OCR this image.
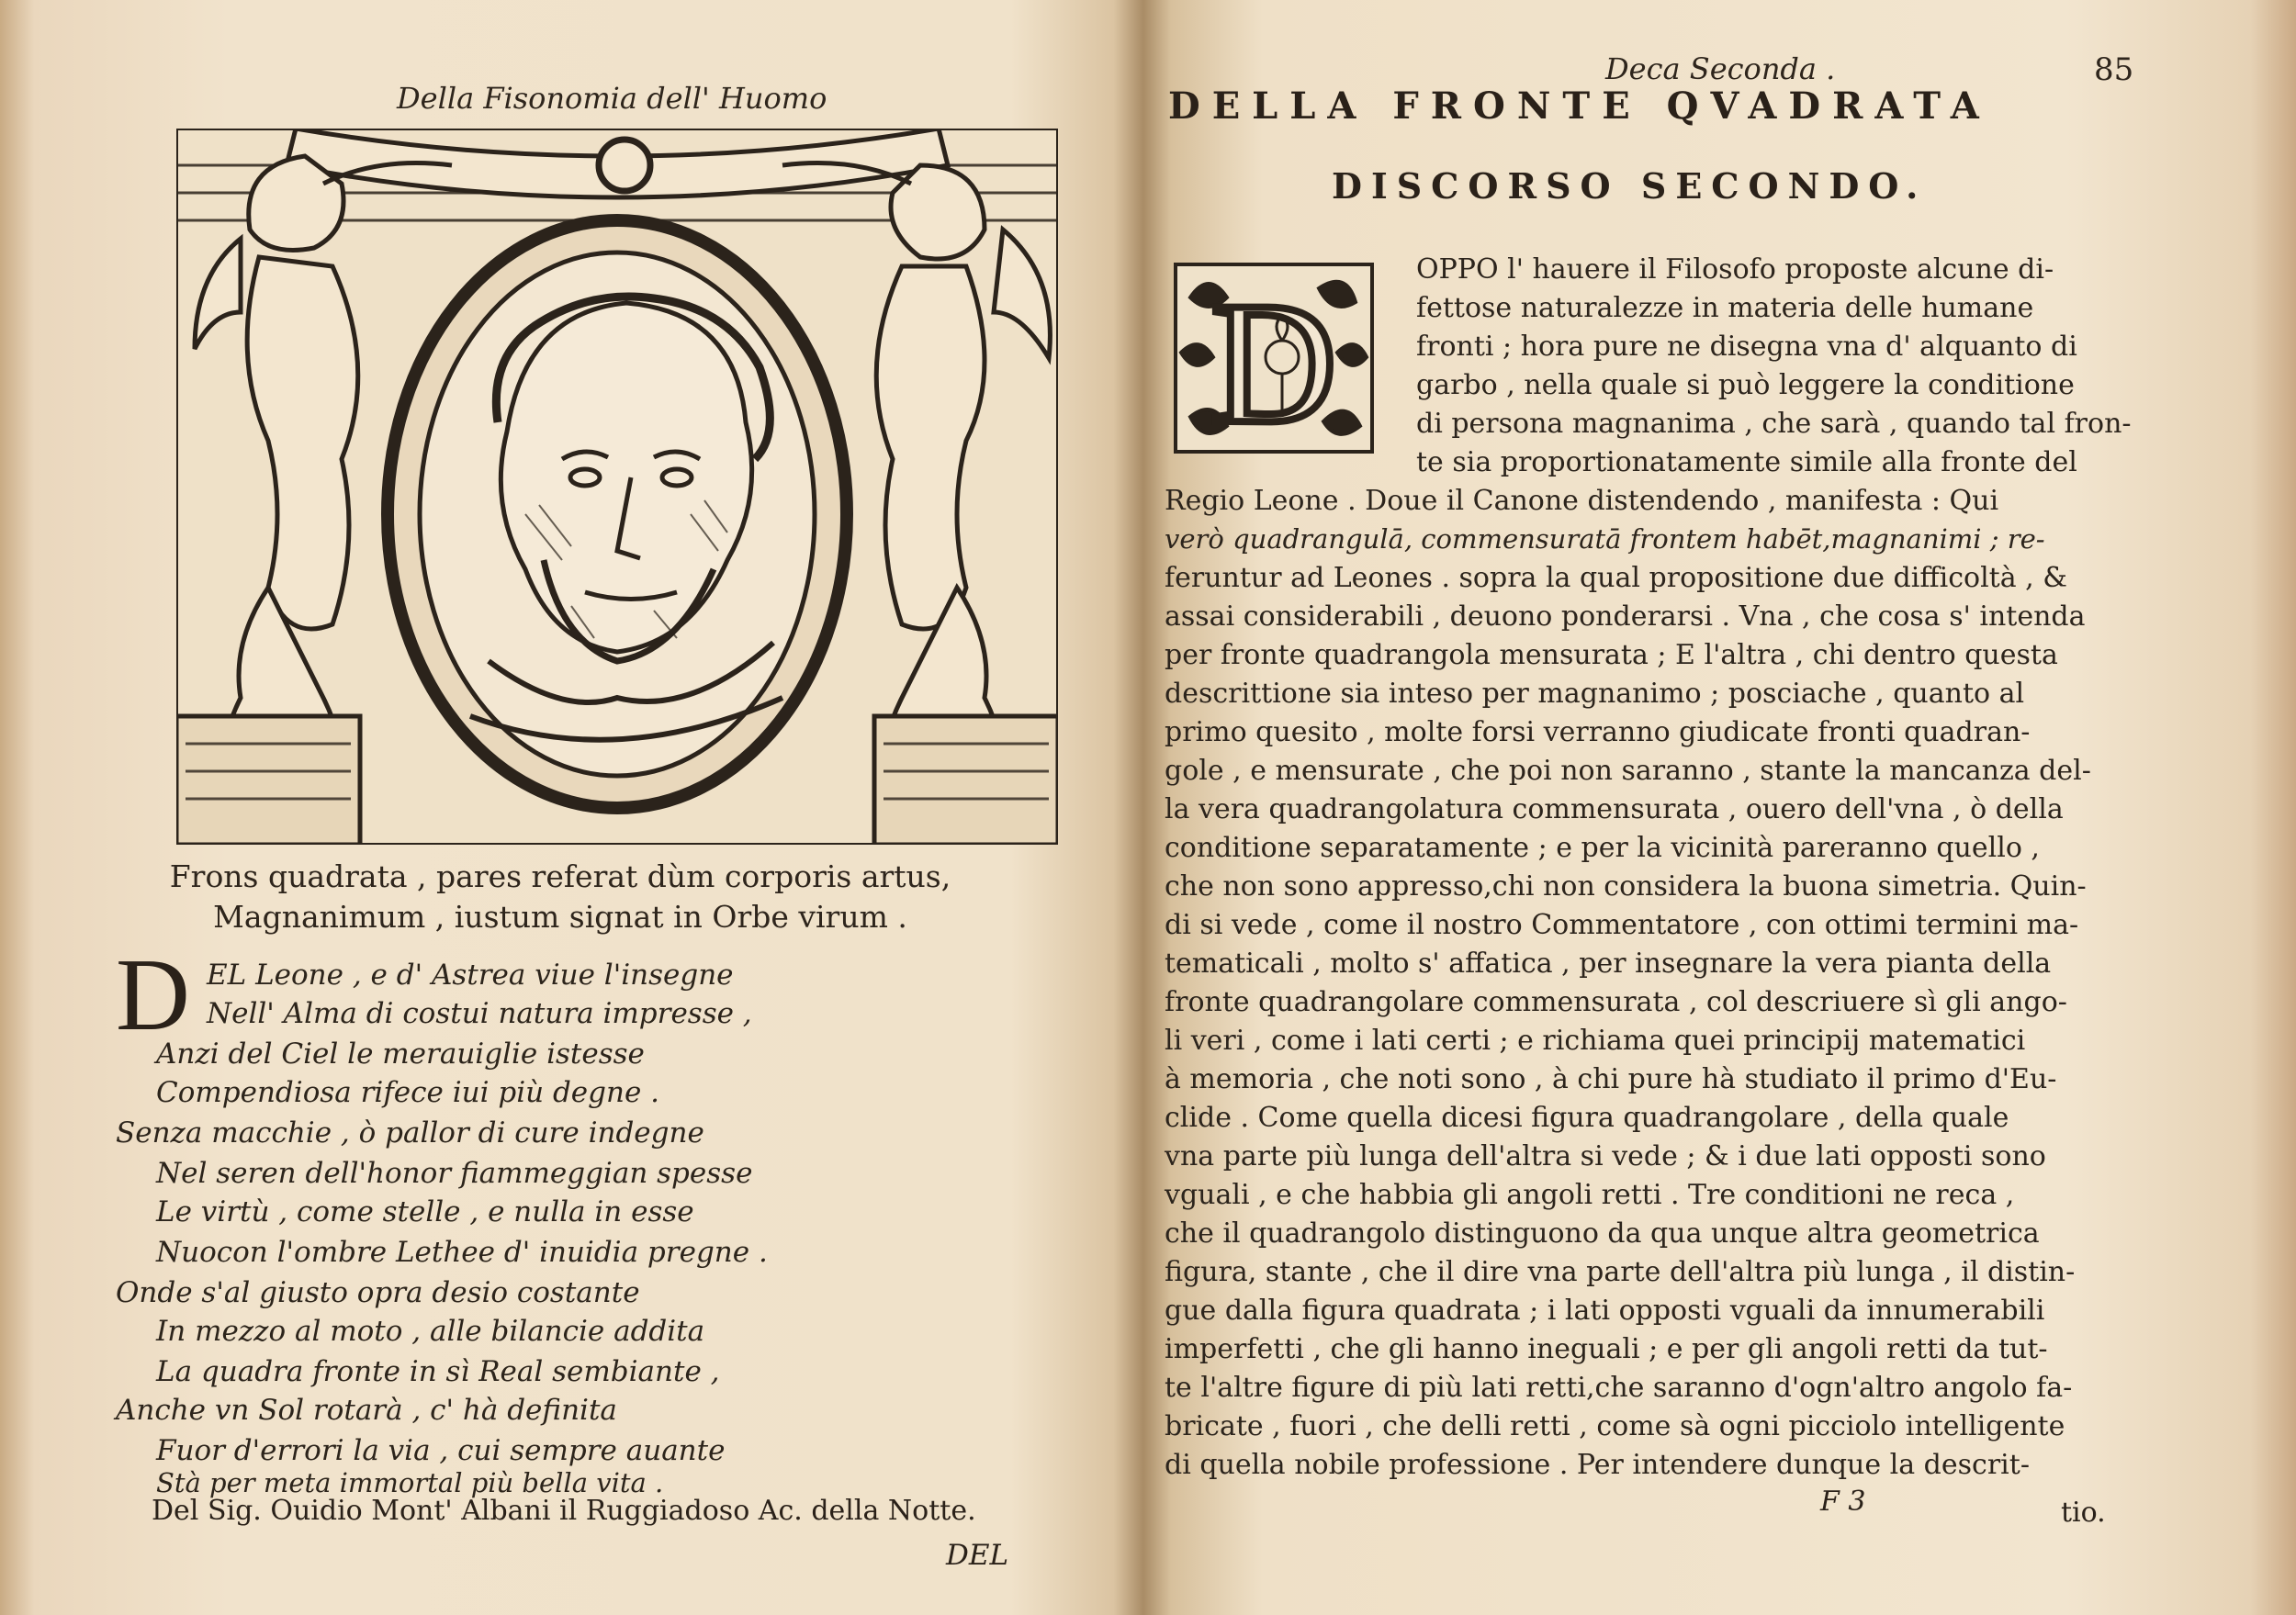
Della Fisonomia dell' Huomo
Frons quadrata , pares referat dùm corporis artus,
Magnanimum , iustum signat in Orbe virum .
D EL Leone , e d' Astrea viue l'insegne
Nell' Alma di costui natura impresse ,
Anzi del Ciel le merauiglie istesse
Compendiosa rifece iui più degne .
Senza macchie , ò pallor di cure indegne
Nel seren dell'honor fiammeggian spesse
Le virtù , come stelle , e nulla in esse
Nuocon l'ombre Lethee d' inuidia pregne .
Onde s'al giusto opra desio costante
In mezzo al moto , alle bilancie addita
La quadra fronte in sì Real sembiante ,
Anche vn Sol rotarà , c' hà definita
Fuor d'errori la via , cui sempre auante
Stà per meta immortal più bella vita .
Del Sig. Ouidio Mont' Albani il Ruggiadoso Ac. della Notte.
DEL
Deca Seconda .	85
DELLA FRONTE QVADRATA
DISCORSO SECONDO.
D	OPPO l' hauere il Filosofo proposte alcune di-
fettose naturalezze in materia delle humane
fronti ; hora pure ne disegna vna d' alquanto di
garbo , nella quale si può leggere la conditione
di persona magnanima , che sarà , quando tal fron-
te sia proportionatamente simile alla fronte del
Regio Leone . Doue il Canone distendendo , manifesta : Qui
verò quadrangulā, commensuratā frontem habēt,magnanimi ; re-
feruntur ad Leones . sopra la qual propositione due difficoltà , &
assai considerabili , deuono ponderarsi . Vna , che cosa s' intenda
per fronte quadrangola mensurata ; E l'altra , chi dentro questa
descrittione sia inteso per magnanimo ; posciache , quanto al
primo quesito , molte forsi verranno giudicate fronti quadran-
gole , e mensurate , che poi non saranno , stante la mancanza del-
la vera quadrangolatura commensurata , ouero dell'vna , ò della
conditione separatamente ; e per la vicinità pareranno quello ,
che non sono appresso,chi non considera la buona simetria. Quin-
di si vede , come il nostro Commentatore , con ottimi termini ma-
tematicali , molto s' affatica , per insegnare la vera pianta della
fronte quadrangolare commensurata , col descriuere sì gli ango-
li veri , come i lati certi ; e richiama quei principij matematici
à memoria , che noti sono , à chi pure hà studiato il primo d'Eu-
clide . Come quella dicesi figura quadrangolare , della quale
vna parte più lunga dell'altra si vede ; & i due lati opposti sono
vguali , e che habbia gli angoli retti . Tre conditioni ne reca ,
che il quadrangolo distinguono da qua unque altra geometrica
figura, stante , che il dire vna parte dell'altra più lunga , il distin-
gue dalla figura quadrata ; i lati opposti vguali da innumerabili
imperfetti , che gli hanno ineguali ; e per gli angoli retti da tut-
te l'altre figure di più lati retti,che saranno d'ogn'altro angolo fa-
bricate , fuori , che delli retti , come sà ogni picciolo intelligente
di quella nobile professione . Per intendere dunque la descrit-
F 3	tio.
